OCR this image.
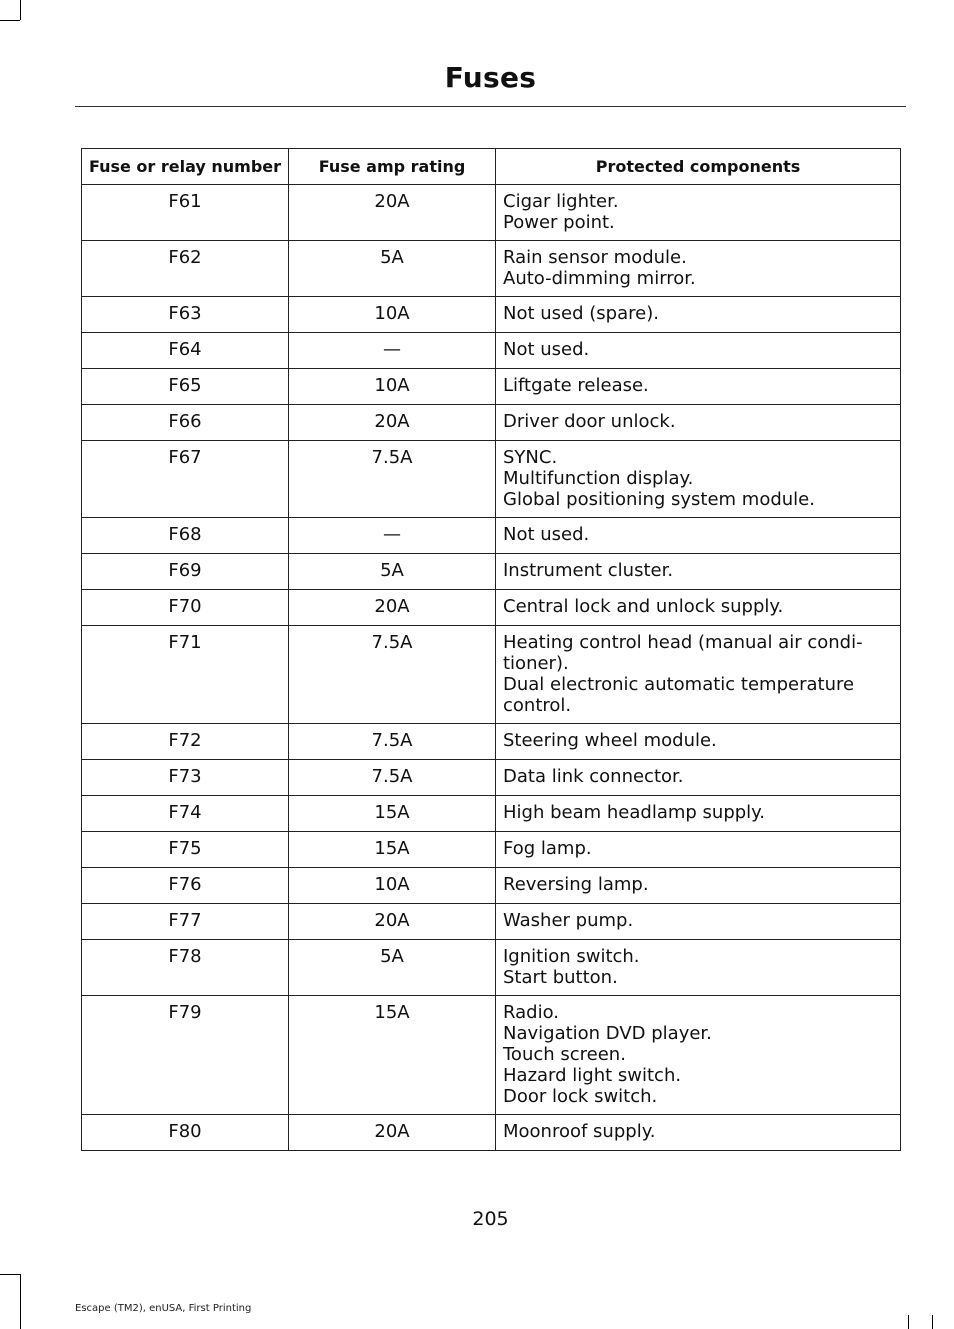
Fuses
Fuse or relay number	Fuse amp rating	Protected components
F61	20A	Cigar lighter.
Power point.

F62	5A	Rain sensor module.
Auto-dimming mirror.

F63	10A	Not used (spare).

F64	—	Not used.

F65	10A	Liftgate release.

F66	20A	Driver door unlock.

F67	7.5A	SYNC.
Multifunction display.
Global positioning system module.

F68	—	Not used.

F69	5A	Instrument cluster.

F70	20A	Central lock and unlock supply.

F71	7.5A	Heating control head (manual air condi-
tioner).
Dual electronic automatic temperature
control.

F72	7.5A	Steering wheel module.

F73	7.5A	Data link connector.

F74	15A	High beam headlamp supply.

F75	15A	Fog lamp.

F76	10A	Reversing lamp.

F77	20A	Washer pump.

F78	5A	Ignition switch.
Start button.

F79	15A	Radio.
Navigation DVD player.
Touch screen.
Hazard light switch.
Door lock switch.

F80	20A	Moonroof supply.
205
Escape (TM2), enUSA, First Printing
